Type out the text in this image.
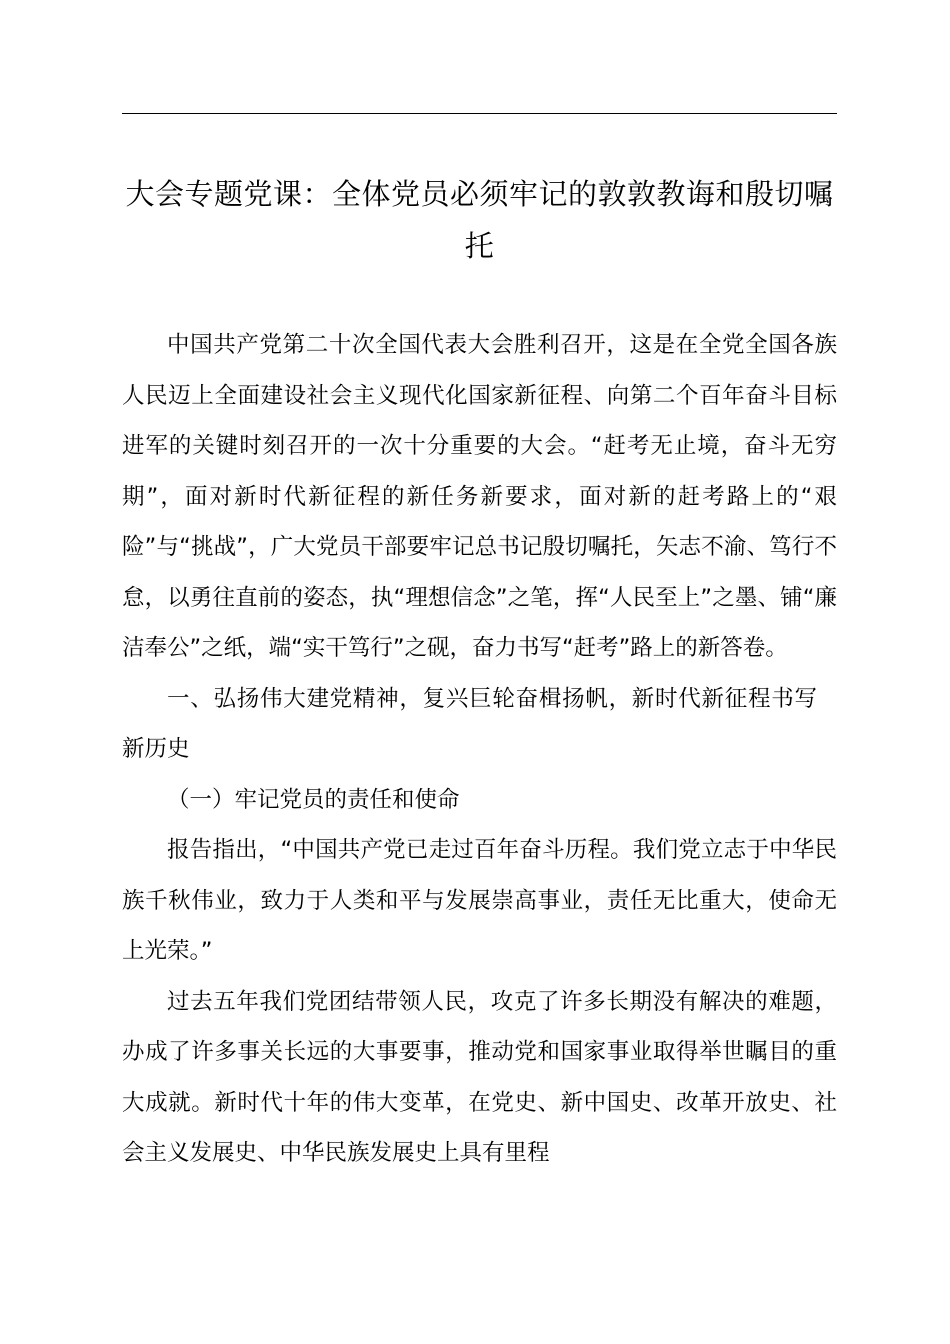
大会专题党课：全体党员必须牢记的敦敦教诲和殷切嘱托

中国共产党第二十次全国代表大会胜利召开，这是在全党全国各族人民迈上全面建设社会主义现代化国家新征程、向第二个百年奋斗目标进军的关键时刻召开的一次十分重要的大会。“赶考无止境，奋斗无穷期”，面对新时代新征程的新任务新要求，面对新的赶考路上的“艰险”与“挑战”，广大党员干部要牢记总书记殷切嘱托，矢志不渝、笃行不怠，以勇往直前的姿态，执“理想信念”之笔，挥“人民至上”之墨、铺“廉洁奉公”之纸，端“实干笃行”之砚，奋力书写“赶考”路上的新答卷。

一、弘扬伟大建党精神，复兴巨轮奋楫扬帆，新时代新征程书写新历史

（一）牢记党员的责任和使命

报告指出，“中国共产党已走过百年奋斗历程。我们党立志于中华民族千秋伟业，致力于人类和平与发展崇高事业，责任无比重大，使命无上光荣。”

过去五年我们党团结带领人民，攻克了许多长期没有解决的难题，办成了许多事关长远的大事要事，推动党和国家事业取得举世瞩目的重大成就。新时代十年的伟大变革，在党史、新中国史、改革开放史、社会主义发展史、中华民族发展史上具有里程
